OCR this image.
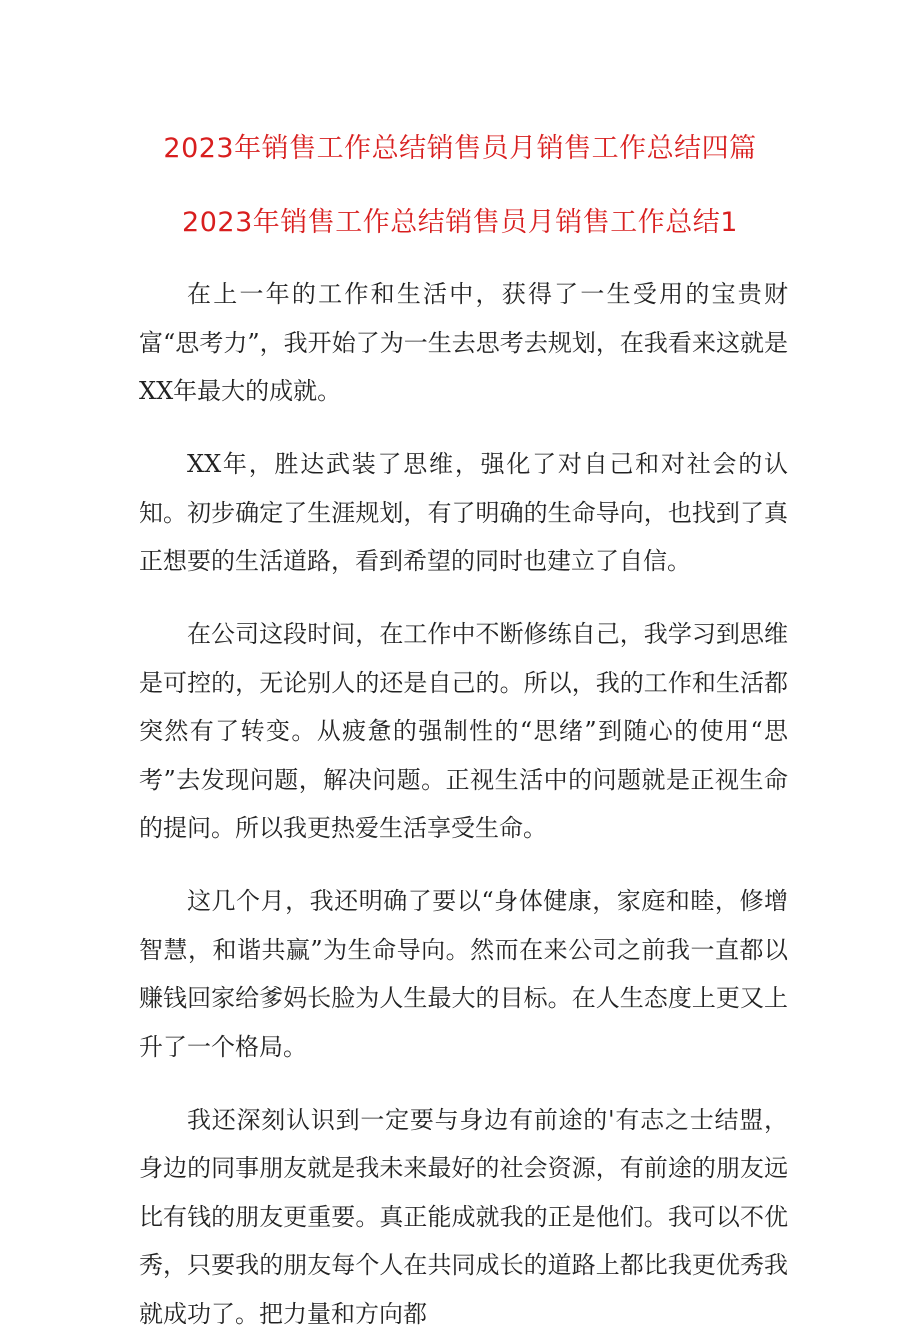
2023年销售工作总结销售员月销售工作总结四篇
2023年销售工作总结销售员月销售工作总结1

在上一年的工作和生活中，获得了一生受用的宝贵财富“思考力”，我开始了为一生去思考去规划，在我看来这就是XX年最大的成就。

XX年，胜达武装了思维，强化了对自己和对社会的认知。初步确定了生涯规划，有了明确的生命导向，也找到了真正想要的生活道路，看到希望的同时也建立了自信。

在公司这段时间，在工作中不断修练自己，我学习到思维是可控的，无论别人的还是自己的。所以，我的工作和生活都突然有了转变。从疲惫的强制性的“思绪”到随心的使用“思考”去发现问题，解决问题。正视生活中的问题就是正视生命的提问。所以我更热爱生活享受生命。

这几个月，我还明确了要以“身体健康，家庭和睦，修增智慧，和谐共赢”为生命导向。然而在来公司之前我一直都以赚钱回家给爹妈长脸为人生最大的目标。在人生态度上更又上升了一个格局。

我还深刻认识到一定要与身边有前途的'有志之士结盟，身边的同事朋友就是我未来最好的社会资源，有前途的朋友远比有钱的朋友更重要。真正能成就我的正是他们。我可以不优秀，只要我的朋友每个人在共同成长的道路上都比我更优秀我就成功了。把力量和方向都
